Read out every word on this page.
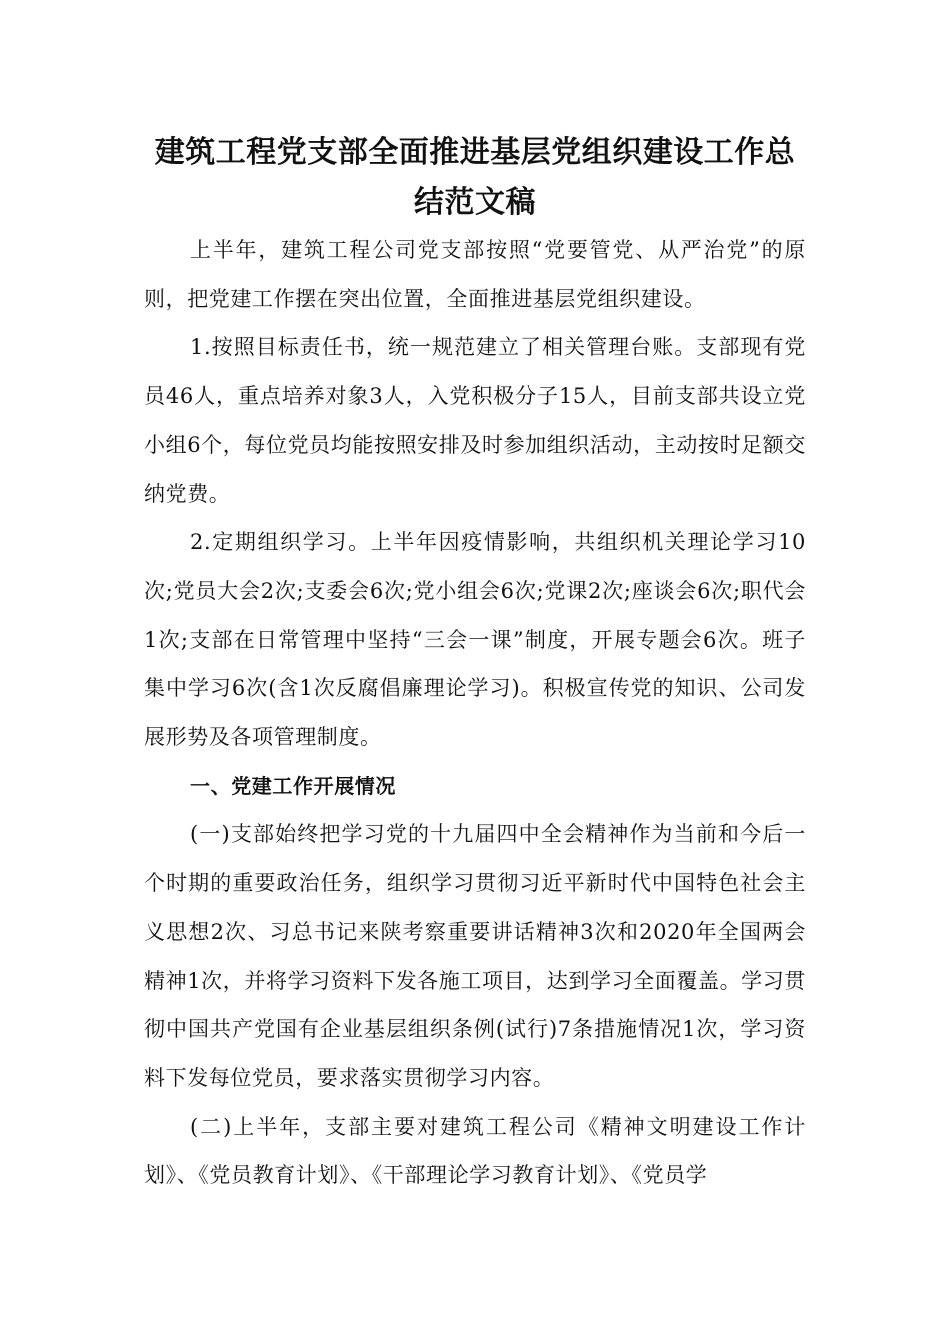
建筑工程党支部全面推进基层党组织建设工作总结范文稿

上半年，建筑工程公司党支部按照“党要管党、从严治党”的原则，把党建工作摆在突出位置，全面推进基层党组织建设。

1.按照目标责任书，统一规范建立了相关管理台账。支部现有党员46人，重点培养对象3人，入党积极分子15人，目前支部共设立党小组6个，每位党员均能按照安排及时参加组织活动，主动按时足额交纳党费。

2.定期组织学习。上半年因疫情影响，共组织机关理论学习10次;党员大会2次;支委会6次;党小组会6次;党课2次;座谈会6次;职代会1次;支部在日常管理中坚持“三会一课”制度，开展专题会6次。班子集中学习6次(含1次反腐倡廉理论学习)。积极宣传党的知识、公司发展形势及各项管理制度。

一、党建工作开展情况

(一)支部始终把学习党的十九届四中全会精神作为当前和今后一个时期的重要政治任务，组织学习贯彻习近平新时代中国特色社会主义思想2次、习总书记来陕考察重要讲话精神3次和2020年全国两会精神1次，并将学习资料下发各施工项目，达到学习全面覆盖。学习贯彻中国共产党国有企业基层组织条例(试行)7条措施情况1次，学习资料下发每位党员，要求落实贯彻学习内容。

(二)上半年，支部主要对建筑工程公司《精神文明建设工作计划》、《党员教育计划》、《干部理论学习教育计划》、《党员学
